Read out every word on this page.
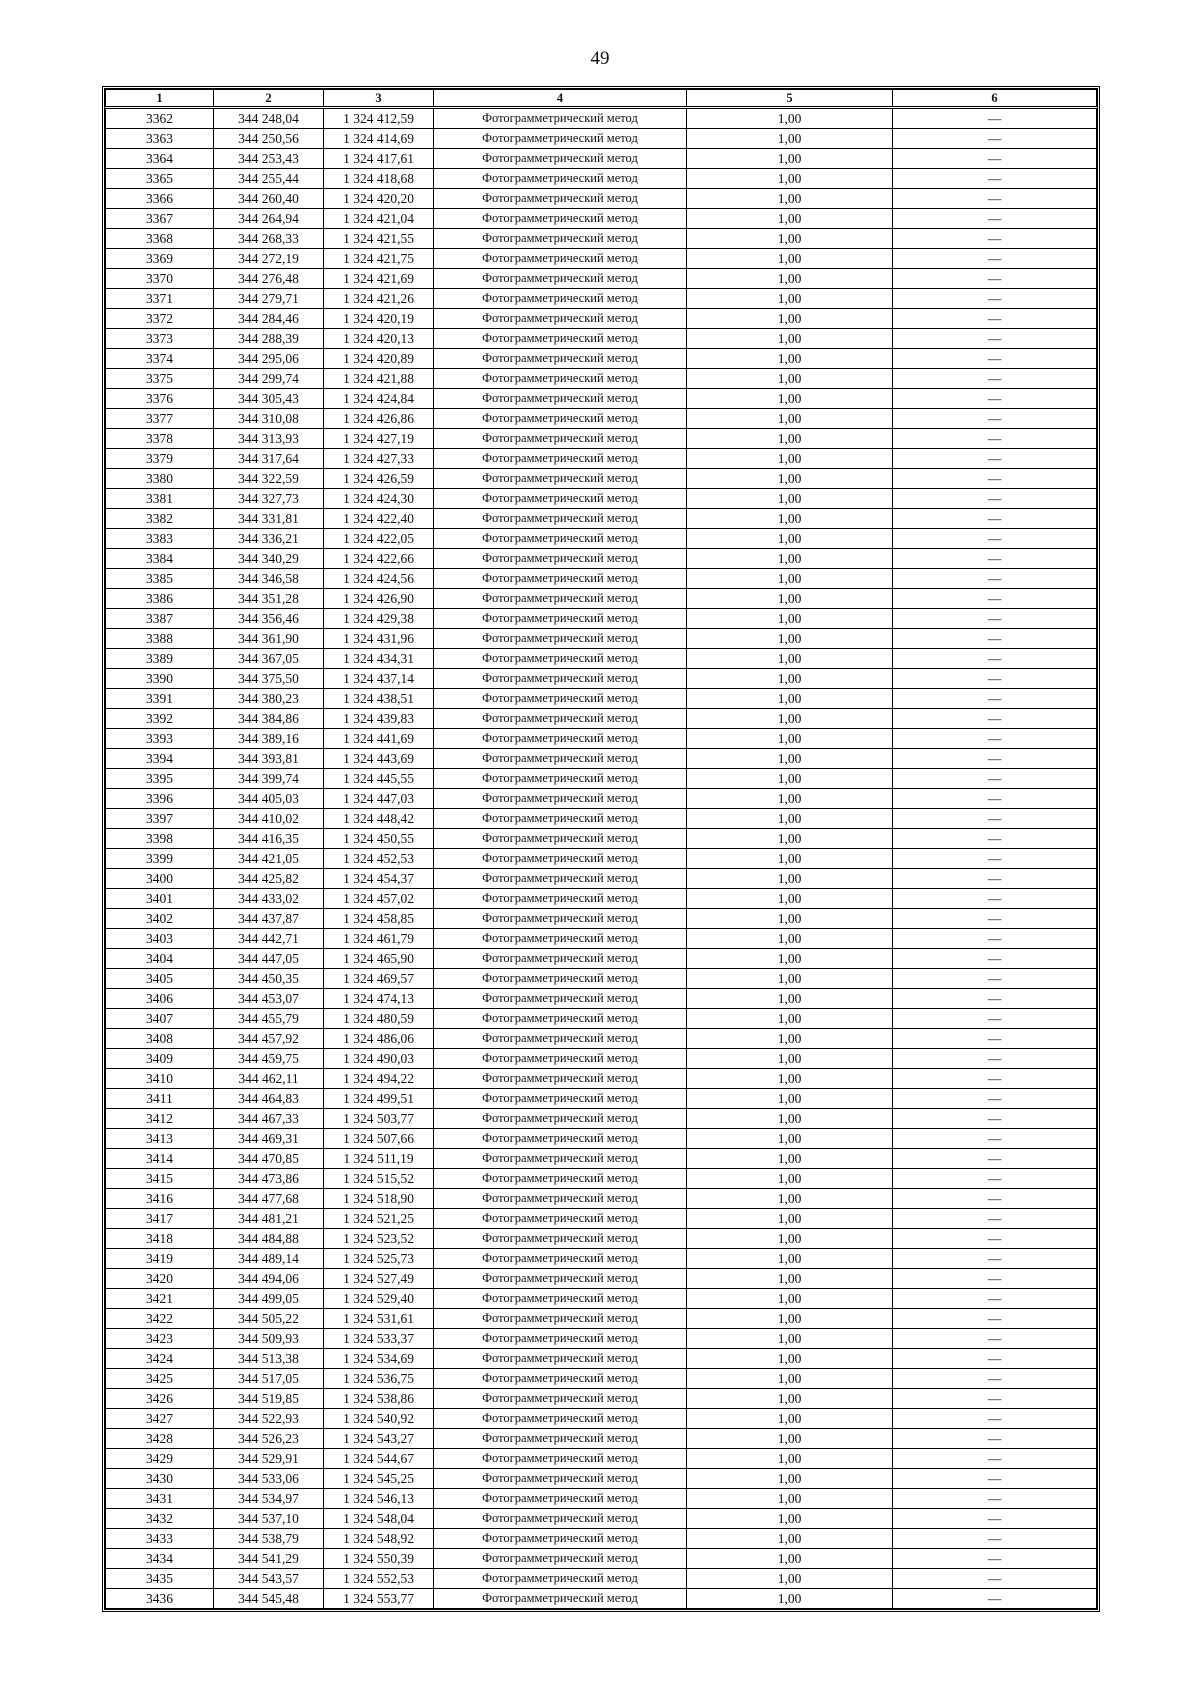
49
1	2	3	4	5	6
3362	344 248,04	1 324 412,59	Фотограмметрический метод	1,00	—
3363	344 250,56	1 324 414,69	Фотограмметрический метод	1,00	—
3364	344 253,43	1 324 417,61	Фотограмметрический метод	1,00	—
3365	344 255,44	1 324 418,68	Фотограмметрический метод	1,00	—
3366	344 260,40	1 324 420,20	Фотограмметрический метод	1,00	—
3367	344 264,94	1 324 421,04	Фотограмметрический метод	1,00	—
3368	344 268,33	1 324 421,55	Фотограмметрический метод	1,00	—
3369	344 272,19	1 324 421,75	Фотограмметрический метод	1,00	—
3370	344 276,48	1 324 421,69	Фотограмметрический метод	1,00	—
3371	344 279,71	1 324 421,26	Фотограмметрический метод	1,00	—
3372	344 284,46	1 324 420,19	Фотограмметрический метод	1,00	—
3373	344 288,39	1 324 420,13	Фотограмметрический метод	1,00	—
3374	344 295,06	1 324 420,89	Фотограмметрический метод	1,00	—
3375	344 299,74	1 324 421,88	Фотограмметрический метод	1,00	—
3376	344 305,43	1 324 424,84	Фотограмметрический метод	1,00	—
3377	344 310,08	1 324 426,86	Фотограмметрический метод	1,00	—
3378	344 313,93	1 324 427,19	Фотограмметрический метод	1,00	—
3379	344 317,64	1 324 427,33	Фотограмметрический метод	1,00	—
3380	344 322,59	1 324 426,59	Фотограмметрический метод	1,00	—
3381	344 327,73	1 324 424,30	Фотограмметрический метод	1,00	—
3382	344 331,81	1 324 422,40	Фотограмметрический метод	1,00	—
3383	344 336,21	1 324 422,05	Фотограмметрический метод	1,00	—
3384	344 340,29	1 324 422,66	Фотограмметрический метод	1,00	—
3385	344 346,58	1 324 424,56	Фотограмметрический метод	1,00	—
3386	344 351,28	1 324 426,90	Фотограмметрический метод	1,00	—
3387	344 356,46	1 324 429,38	Фотограмметрический метод	1,00	—
3388	344 361,90	1 324 431,96	Фотограмметрический метод	1,00	—
3389	344 367,05	1 324 434,31	Фотограмметрический метод	1,00	—
3390	344 375,50	1 324 437,14	Фотограмметрический метод	1,00	—
3391	344 380,23	1 324 438,51	Фотограмметрический метод	1,00	—
3392	344 384,86	1 324 439,83	Фотограмметрический метод	1,00	—
3393	344 389,16	1 324 441,69	Фотограмметрический метод	1,00	—
3394	344 393,81	1 324 443,69	Фотограмметрический метод	1,00	—
3395	344 399,74	1 324 445,55	Фотограмметрический метод	1,00	—
3396	344 405,03	1 324 447,03	Фотограмметрический метод	1,00	—
3397	344 410,02	1 324 448,42	Фотограмметрический метод	1,00	—
3398	344 416,35	1 324 450,55	Фотограмметрический метод	1,00	—
3399	344 421,05	1 324 452,53	Фотограмметрический метод	1,00	—
3400	344 425,82	1 324 454,37	Фотограмметрический метод	1,00	—
3401	344 433,02	1 324 457,02	Фотограмметрический метод	1,00	—
3402	344 437,87	1 324 458,85	Фотограмметрический метод	1,00	—
3403	344 442,71	1 324 461,79	Фотограмметрический метод	1,00	—
3404	344 447,05	1 324 465,90	Фотограмметрический метод	1,00	—
3405	344 450,35	1 324 469,57	Фотограмметрический метод	1,00	—
3406	344 453,07	1 324 474,13	Фотограмметрический метод	1,00	—
3407	344 455,79	1 324 480,59	Фотограмметрический метод	1,00	—
3408	344 457,92	1 324 486,06	Фотограмметрический метод	1,00	—
3409	344 459,75	1 324 490,03	Фотограмметрический метод	1,00	—
3410	344 462,11	1 324 494,22	Фотограмметрический метод	1,00	—
3411	344 464,83	1 324 499,51	Фотограмметрический метод	1,00	—
3412	344 467,33	1 324 503,77	Фотограмметрический метод	1,00	—
3413	344 469,31	1 324 507,66	Фотограмметрический метод	1,00	—
3414	344 470,85	1 324 511,19	Фотограмметрический метод	1,00	—
3415	344 473,86	1 324 515,52	Фотограмметрический метод	1,00	—
3416	344 477,68	1 324 518,90	Фотограмметрический метод	1,00	—
3417	344 481,21	1 324 521,25	Фотограмметрический метод	1,00	—
3418	344 484,88	1 324 523,52	Фотограмметрический метод	1,00	—
3419	344 489,14	1 324 525,73	Фотограмметрический метод	1,00	—
3420	344 494,06	1 324 527,49	Фотограмметрический метод	1,00	—
3421	344 499,05	1 324 529,40	Фотограмметрический метод	1,00	—
3422	344 505,22	1 324 531,61	Фотограмметрический метод	1,00	—
3423	344 509,93	1 324 533,37	Фотограмметрический метод	1,00	—
3424	344 513,38	1 324 534,69	Фотограмметрический метод	1,00	—
3425	344 517,05	1 324 536,75	Фотограмметрический метод	1,00	—
3426	344 519,85	1 324 538,86	Фотограмметрический метод	1,00	—
3427	344 522,93	1 324 540,92	Фотограмметрический метод	1,00	—
3428	344 526,23	1 324 543,27	Фотограмметрический метод	1,00	—
3429	344 529,91	1 324 544,67	Фотограмметрический метод	1,00	—
3430	344 533,06	1 324 545,25	Фотограмметрический метод	1,00	—
3431	344 534,97	1 324 546,13	Фотограмметрический метод	1,00	—
3432	344 537,10	1 324 548,04	Фотограмметрический метод	1,00	—
3433	344 538,79	1 324 548,92	Фотограмметрический метод	1,00	—
3434	344 541,29	1 324 550,39	Фотограмметрический метод	1,00	—
3435	344 543,57	1 324 552,53	Фотограмметрический метод	1,00	—
3436	344 545,48	1 324 553,77	Фотограмметрический метод	1,00	—
